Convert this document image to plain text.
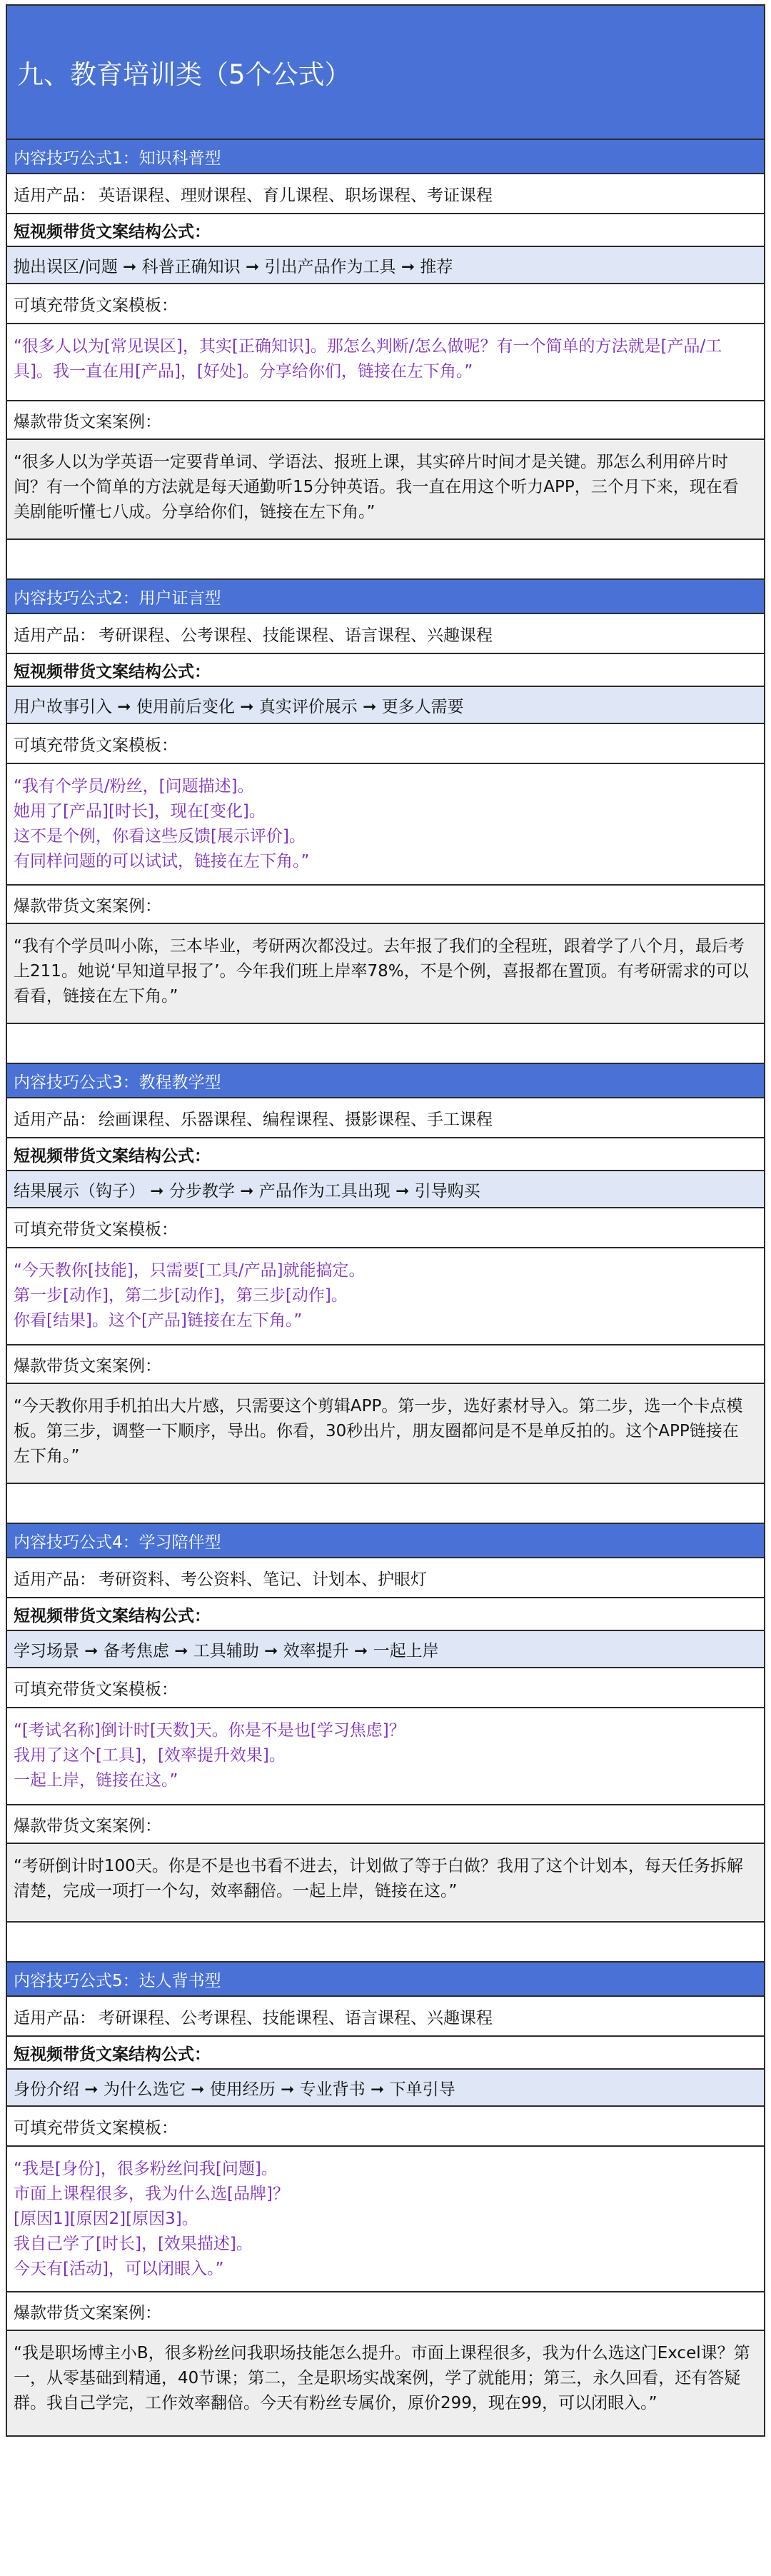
九、教育培训类（5个公式）
内容技巧公式1：知识科普型
适用产品： 英语课程、理财课程、育儿课程、职场课程、考证课程
短视频带货文案结构公式：
抛出误区/问题 ➞ 科普正确知识 ➞ 引出产品作为工具 ➞ 推荐
可填充带货文案模板：
“很多人以为[常见误区]，其实[正确知识]。那怎么判断/怎么做呢？有一个简单的方法就是[产品/工具]。我一直在用[产品]，[好处]。分享给你们，链接在左下角。”
爆款带货文案案例：
“很多人以为学英语一定要背单词、学语法、报班上课，其实碎片时间才是关键。那怎么利用碎片时间？有一个简单的方法就是每天通勤听15分钟英语。我一直在用这个听力APP，三个月下来，现在看美剧能听懂七八成。分享给你们，链接在左下角。”
内容技巧公式2：用户证言型
适用产品： 考研课程、公考课程、技能课程、语言课程、兴趣课程
短视频带货文案结构公式：
用户故事引入 ➞ 使用前后变化 ➞ 真实评价展示 ➞ 更多人需要
可填充带货文案模板：
“我有个学员/粉丝，[问题描述]。
她用了[产品][时长]，现在[变化]。
这不是个例，你看这些反馈[展示评价]。
有同样问题的可以试试，链接在左下角。”
爆款带货文案案例：
“我有个学员叫小陈，三本毕业，考研两次都没过。去年报了我们的全程班，跟着学了八个月，最后考上211。她说‘早知道早报了’。今年我们班上岸率78%，不是个例，喜报都在置顶。有考研需求的可以看看，链接在左下角。”
内容技巧公式3：教程教学型
适用产品： 绘画课程、乐器课程、编程课程、摄影课程、手工课程
短视频带货文案结构公式：
结果展示（钩子） ➞ 分步教学 ➞ 产品作为工具出现 ➞ 引导购买
可填充带货文案模板：
“今天教你[技能]，只需要[工具/产品]就能搞定。
第一步[动作]，第二步[动作]，第三步[动作]。
你看[结果]。这个[产品]链接在左下角。”
爆款带货文案案例：
“今天教你用手机拍出大片感，只需要这个剪辑APP。第一步，选好素材导入。第二步，选一个卡点模板。第三步，调整一下顺序，导出。你看，30秒出片，朋友圈都问是不是单反拍的。这个APP链接在左下角。”
内容技巧公式4：学习陪伴型
适用产品： 考研资料、考公资料、笔记、计划本、护眼灯
短视频带货文案结构公式：
学习场景 ➞ 备考焦虑 ➞ 工具辅助 ➞ 效率提升 ➞ 一起上岸
可填充带货文案模板：
“[考试名称]倒计时[天数]天。你是不是也[学习焦虑]？
我用了这个[工具]，[效率提升效果]。
一起上岸，链接在这。”
爆款带货文案案例：
“考研倒计时100天。你是不是也书看不进去，计划做了等于白做？我用了这个计划本，每天任务拆解清楚，完成一项打一个勾，效率翻倍。一起上岸，链接在这。”
内容技巧公式5：达人背书型
适用产品： 考研课程、公考课程、技能课程、语言课程、兴趣课程
短视频带货文案结构公式：
身份介绍 ➞ 为什么选它 ➞ 使用经历 ➞ 专业背书 ➞ 下单引导
可填充带货文案模板：
“我是[身份]，很多粉丝问我[问题]。
市面上课程很多，我为什么选[品牌]？
[原因1][原因2][原因3]。
我自己学了[时长]，[效果描述]。
今天有[活动]，可以闭眼入。”
爆款带货文案案例：
“我是职场博主小B，很多粉丝问我职场技能怎么提升。市面上课程很多，我为什么选这门Excel课？第一，从零基础到精通，40节课；第二，全是职场实战案例，学了就能用；第三，永久回看，还有答疑群。我自己学完，工作效率翻倍。今天有粉丝专属价，原价299，现在99，可以闭眼入。”
